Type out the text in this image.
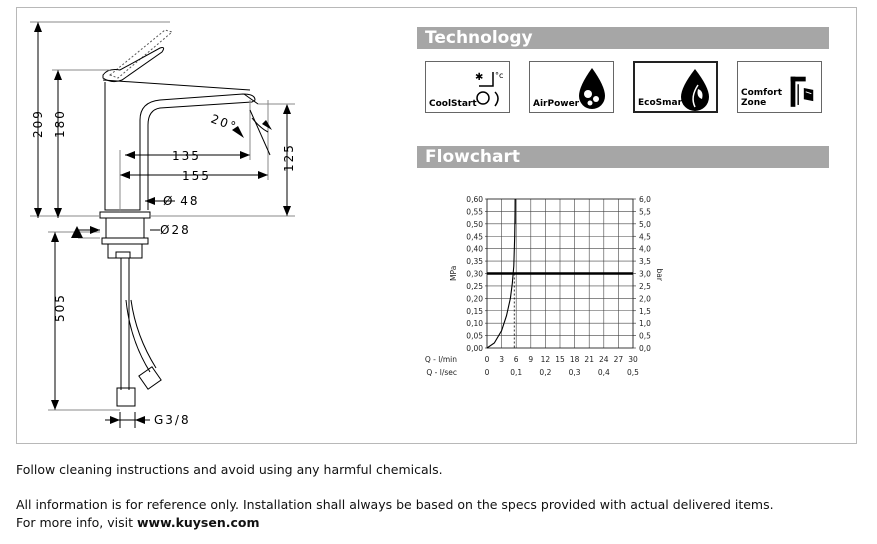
209 180
505
135
155
125
Ø 48
Ø28
20°
G3/8
Technology
°c
✱
CoolStart	AirPower	EcoSmart
Comfort
Zone
Flowchart
0,00	0,0
0,05	0,5
0,10	1,0
0,15	1,5
0,20	2,0
0,25	2,5
0,30	3,0
0,35	3,5
0,40	4,0
0,45	4,5
0,50	5,0
0,55	5,5
0,60	6,0
0 3 6 9 12 15 18 21 24 27 30
0	0,1 0,2 0,3 0,4 0,5
Q - l/min
Q - l/sec
MPa	bar
Follow cleaning instructions and avoid using any harmful chemicals.
All information is for reference only. Installation shall always be based on the specs provided with actual delivered items.
For more info, visit www.kuysen.com
